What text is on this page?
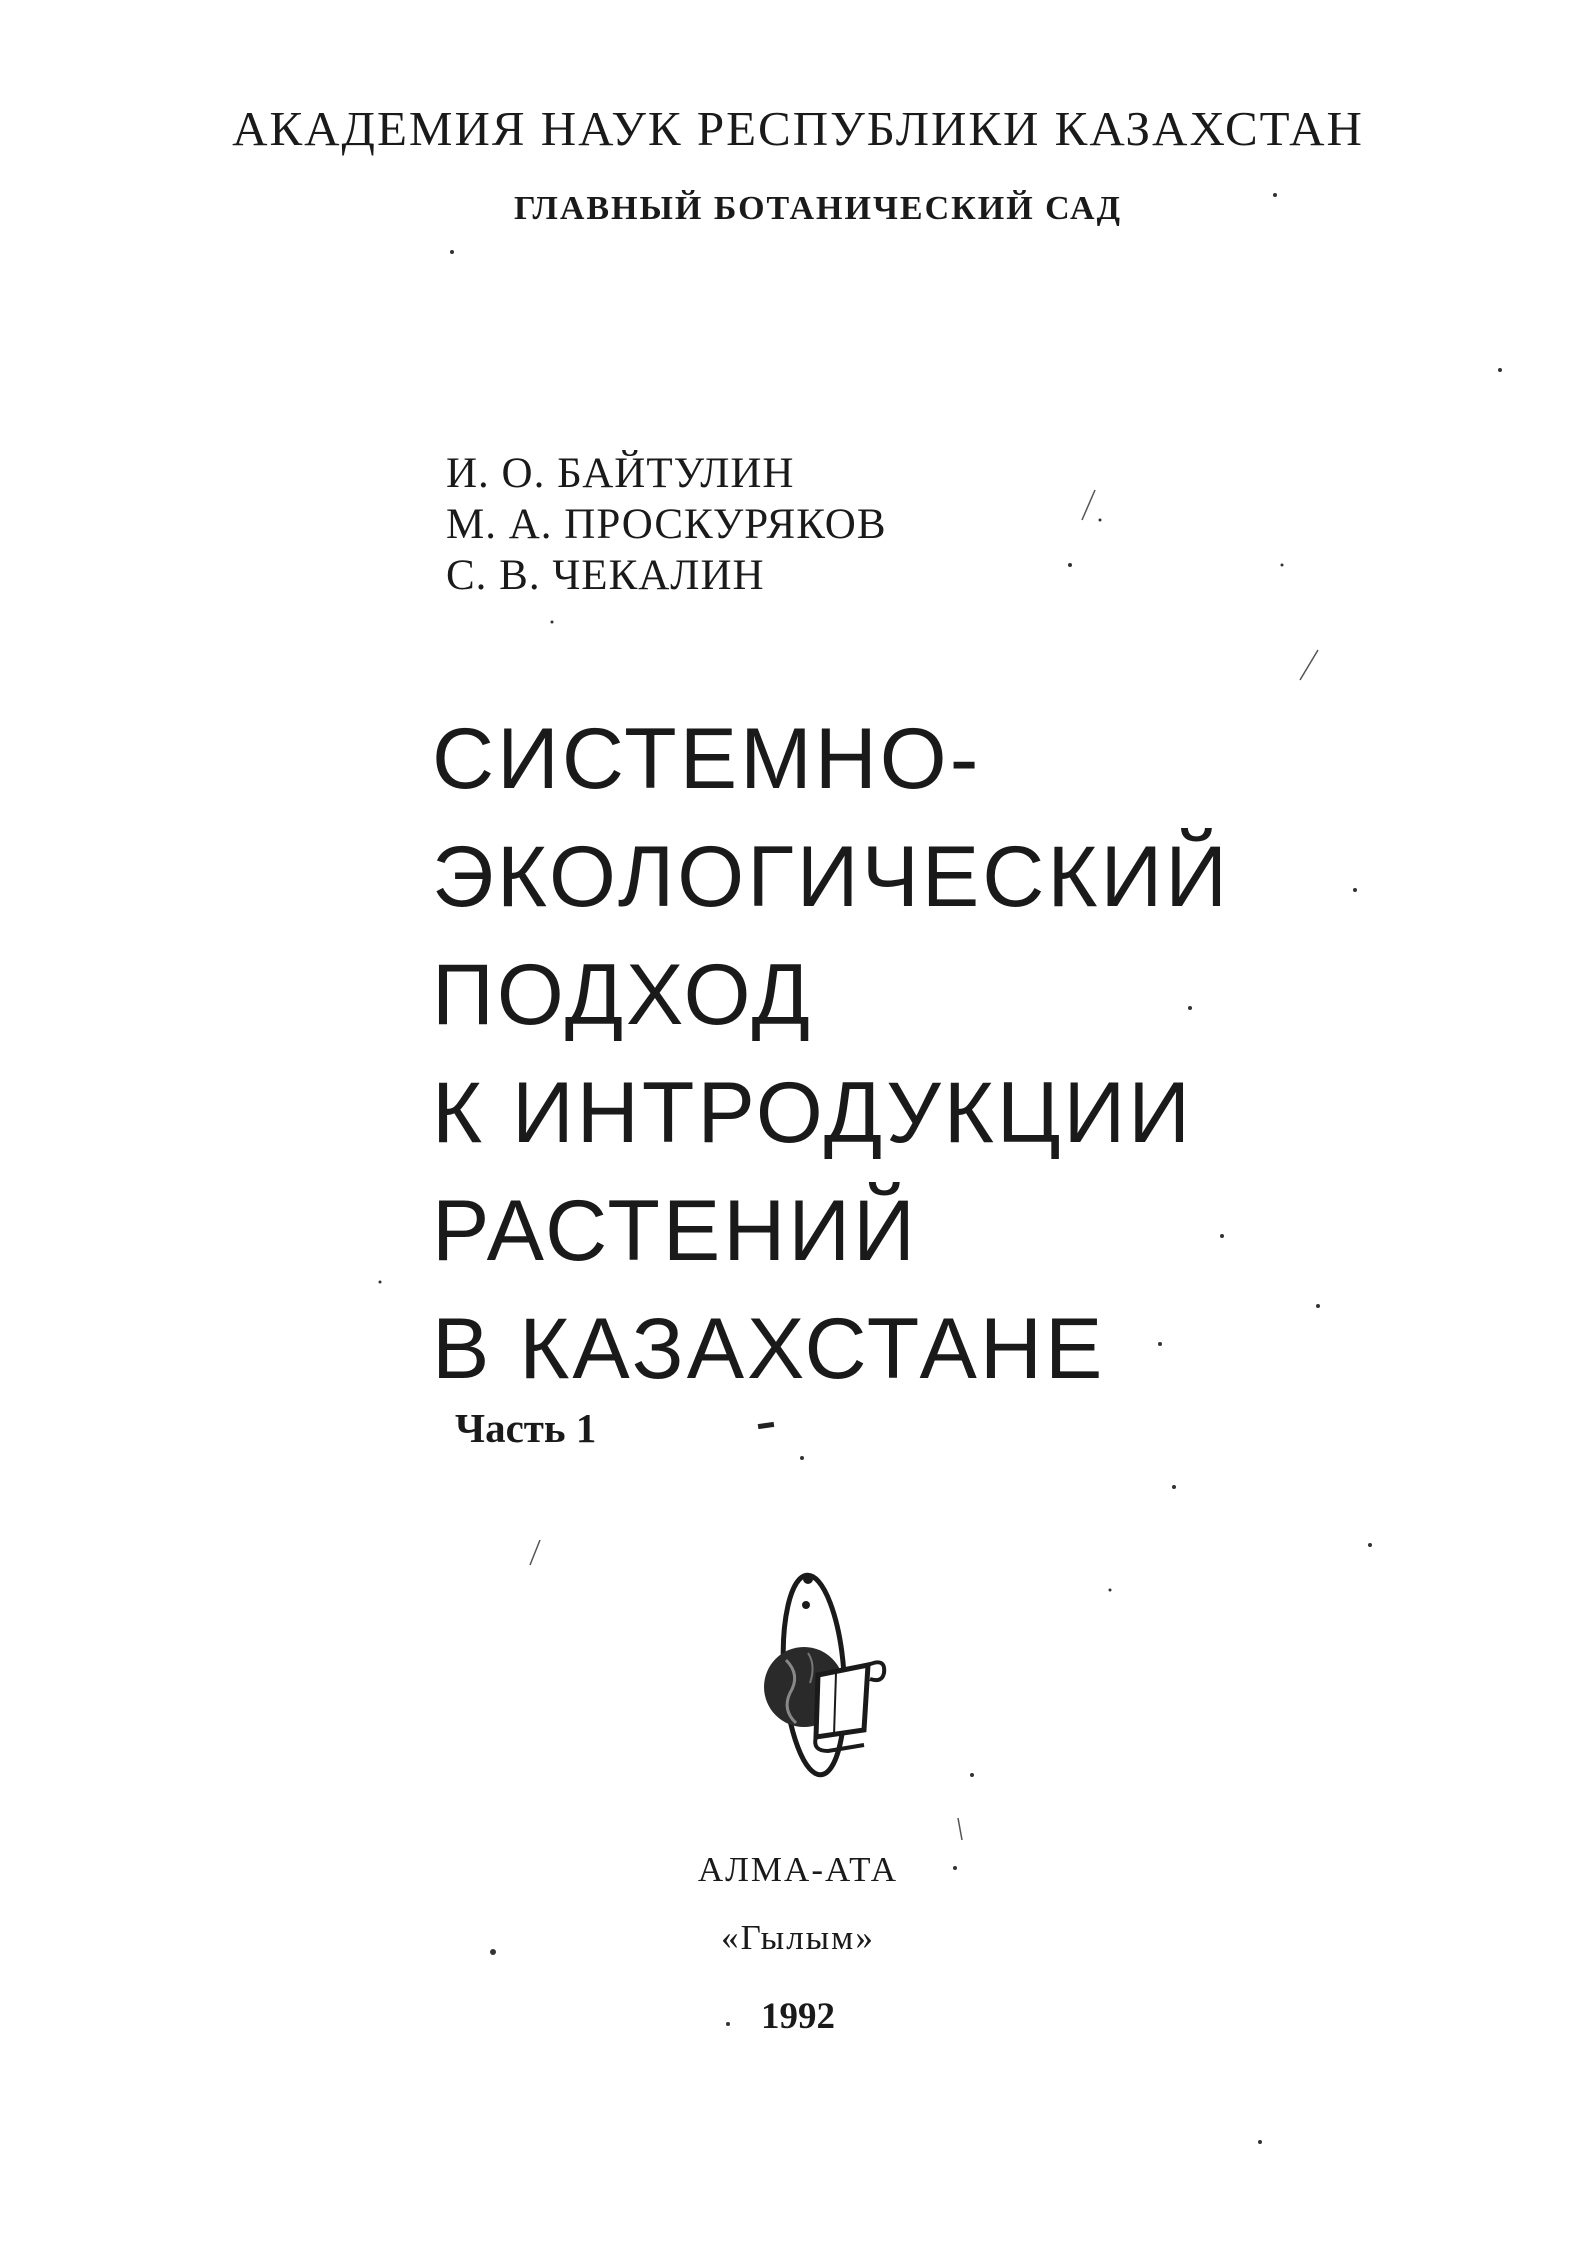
АКАДЕМИЯ НАУК РЕСПУБЛИКИ КАЗАХСТАН
ГЛАВНЫЙ БОТАНИЧЕСКИЙ САД
И. О. БАЙТУЛИН
М. А. ПРОСКУРЯКОВ
С. В. ЧЕКАЛИН
СИСТЕМНО-
ЭКОЛОГИЧЕСКИЙ
ПОДХОД
К ИНТРОДУКЦИИ
РАСТЕНИЙ
В КАЗАХСТАНЕ
Часть 1
АЛМА-АТА
«Гылым»
1992
